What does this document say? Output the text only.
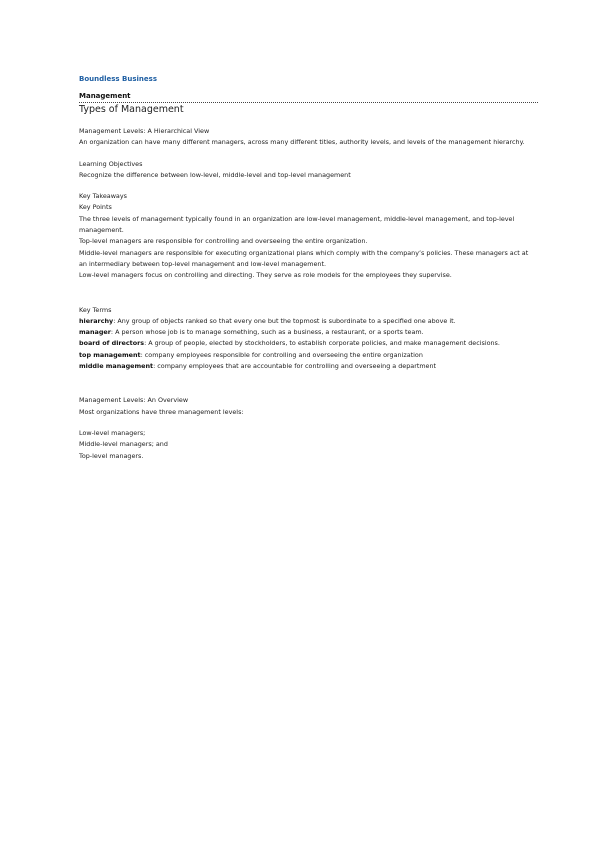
Boundless Business
Management
Types of Management
Management Levels: A Hierarchical View
An organization can have many different managers, across many different titles, authority levels, and levels of the management hierarchy.
Learning Objectives
Recognize the difference between low-level, middle-level and top-level management
Key Takeaways
Key Points
The three levels of management typically found in an organization are low-level management, middle-level management, and top-level management.
Top-level managers are responsible for controlling and overseeing the entire organization.
Middle-level managers are responsible for executing organizational plans which comply with the company’s policies. These managers act at an intermediary between top-level management and low-level management.
Low-level managers focus on controlling and directing. They serve as role models for the employees they supervise.
Key Terms
hierarchy: Any group of objects ranked so that every one but the topmost is subordinate to a specified one above it.
manager: A person whose job is to manage something, such as a business, a restaurant, or a sports team.
board of directors: A group of people, elected by stockholders, to establish corporate policies, and make management decisions.
top management: company employees responsible for controlling and overseeing the entire organization
middle management: company employees that are accountable for controlling and overseeing a department
Management Levels: An Overview
Most organizations have three management levels:
Low-level managers;
Middle-level managers; and
Top-level managers.
